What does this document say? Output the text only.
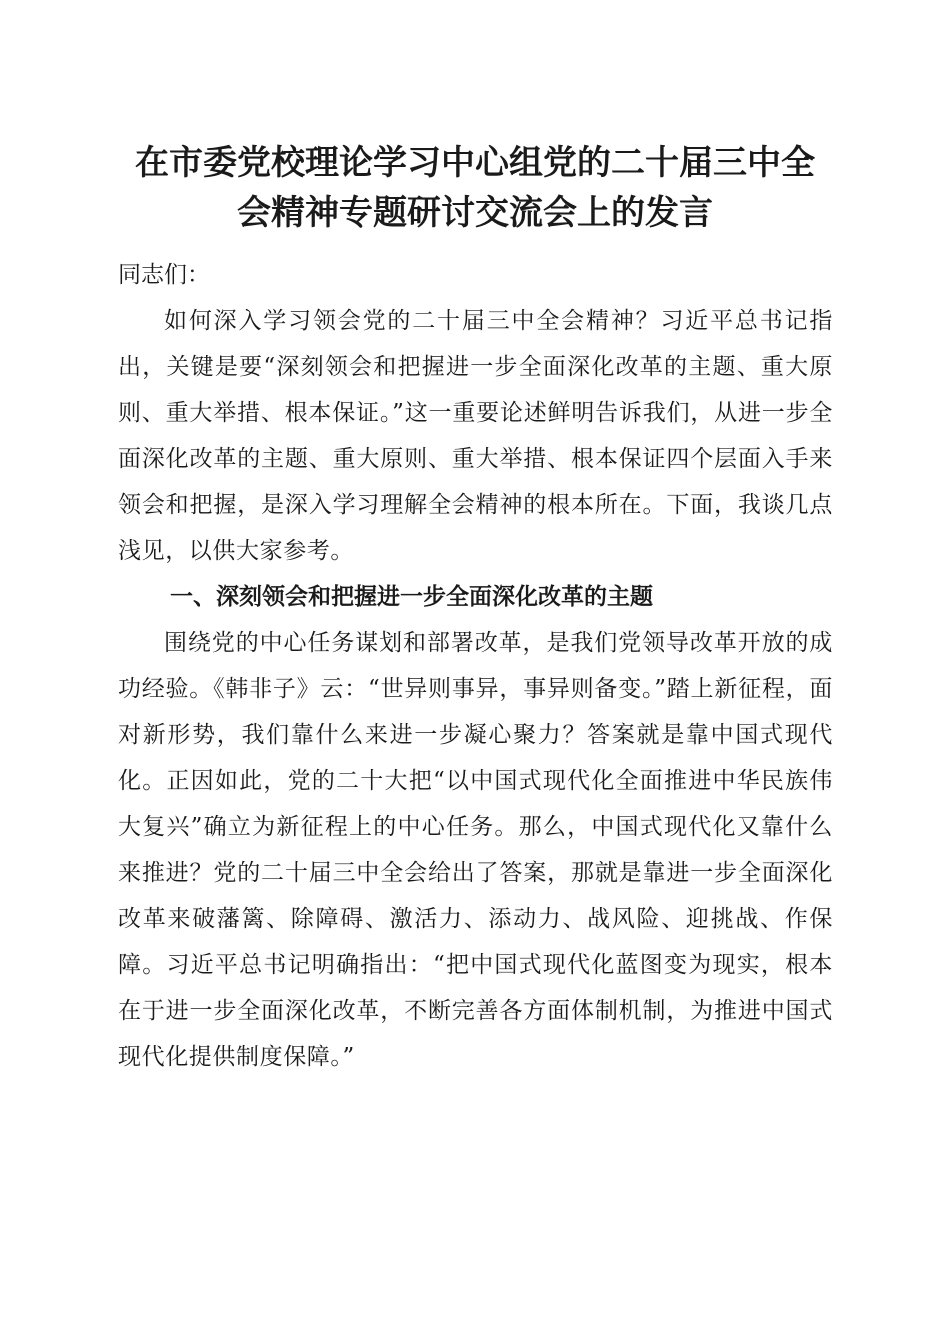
在市委党校理论学习中心组党的二十届三中全
会精神专题研讨交流会上的发言

同志们：

如何深入学习领会党的二十届三中全会精神？习近平总书记指出，关键是要“深刻领会和把握进一步全面深化改革的主题、重大原则、重大举措、根本保证。”这一重要论述鲜明告诉我们，从进一步全面深化改革的主题、重大原则、重大举措、根本保证四个层面入手来领会和把握，是深入学习理解全会精神的根本所在。下面，我谈几点浅见，以供大家参考。

一、深刻领会和把握进一步全面深化改革的主题

围绕党的中心任务谋划和部署改革，是我们党领导改革开放的成功经验。《韩非子》云：“世异则事异，事异则备变。”踏上新征程，面对新形势，我们靠什么来进一步凝心聚力？答案就是靠中国式现代化。正因如此，党的二十大把“以中国式现代化全面推进中华民族伟大复兴”确立为新征程上的中心任务。那么，中国式现代化又靠什么来推进？党的二十届三中全会给出了答案，那就是靠进一步全面深化改革来破藩篱、除障碍、激活力、添动力、战风险、迎挑战、作保障。习近平总书记明确指出：“把中国式现代化蓝图变为现实，根本在于进一步全面深化改革，不断完善各方面体制机制，为推进中国式现代化提供制度保障。”
